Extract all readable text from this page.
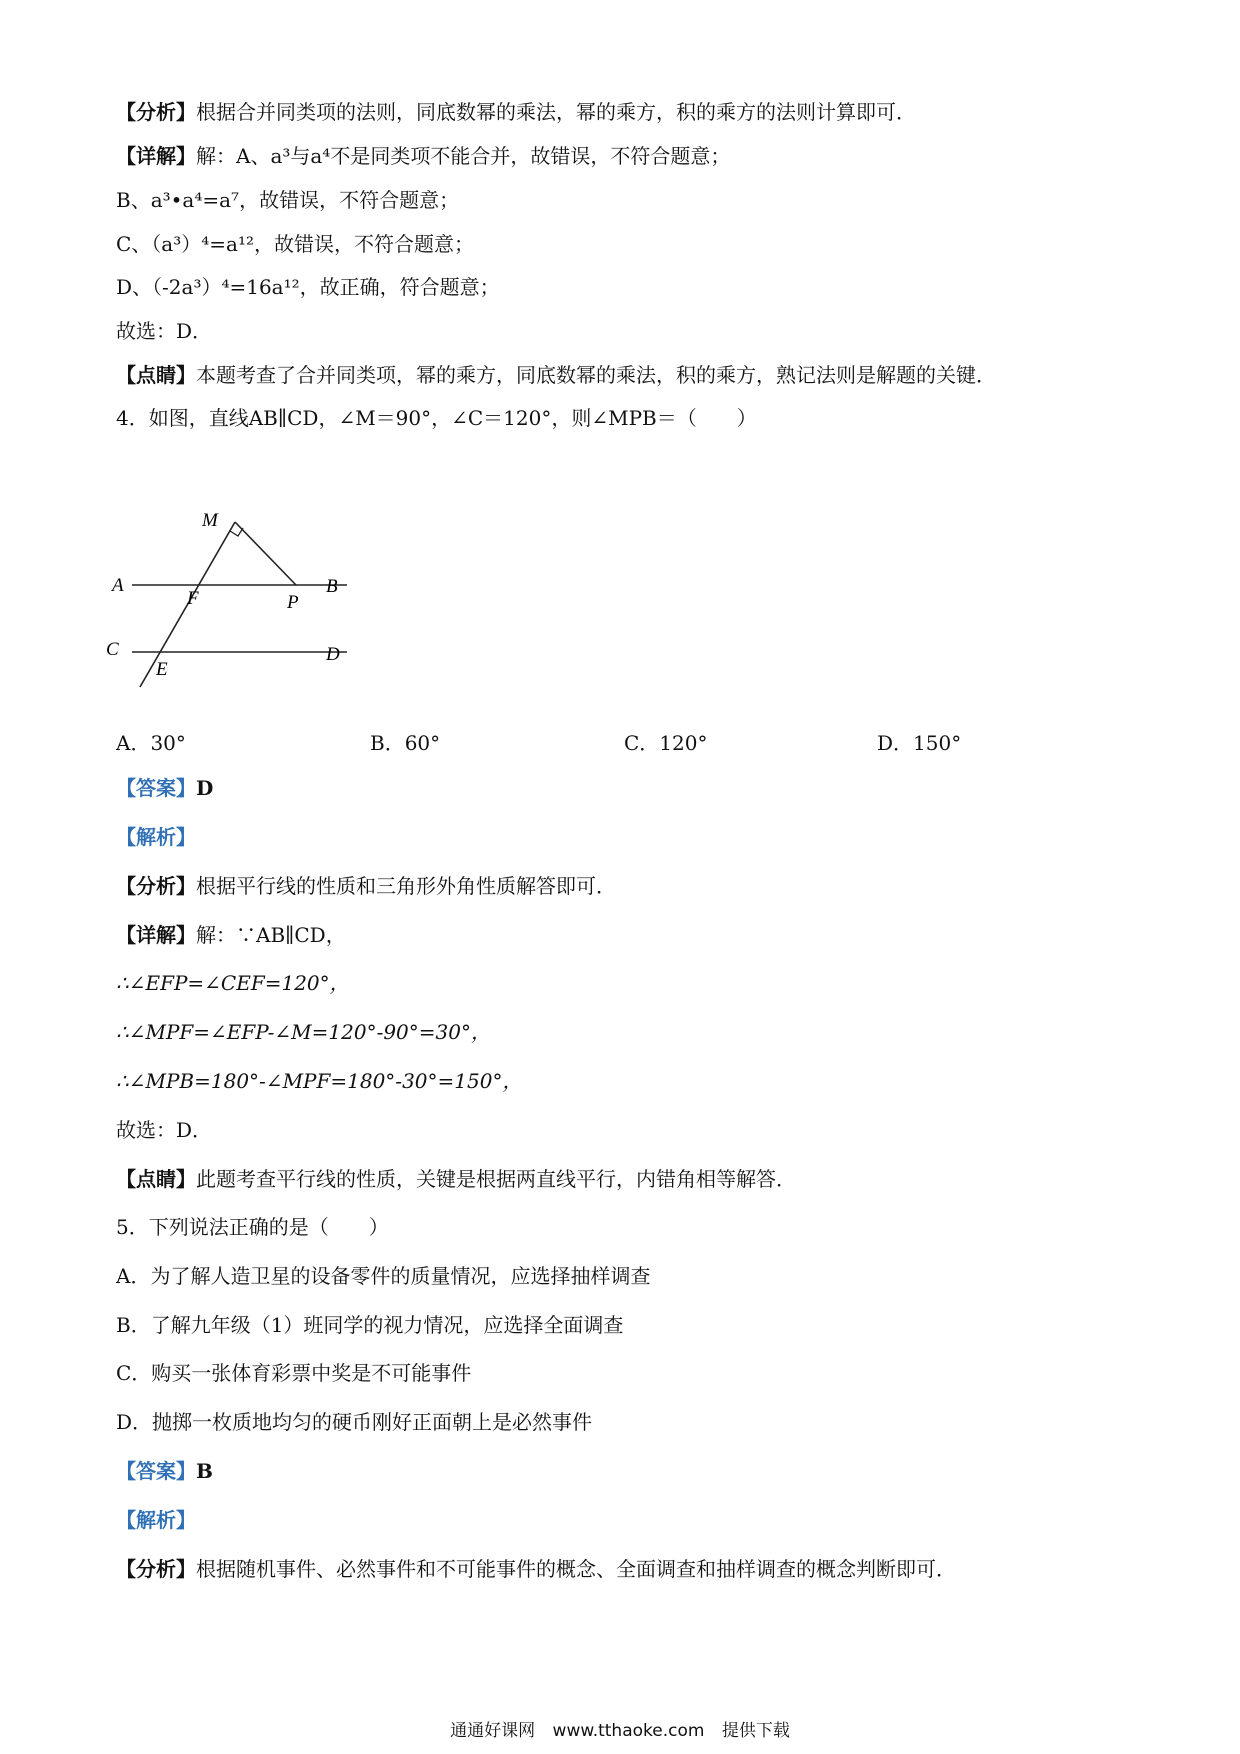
【分析】根据合并同类项的法则，同底数幂的乘法，幂的乘方，积的乘方的法则计算即可．
【详解】解：A、a³与a⁴不是同类项不能合并，故错误，不符合题意；
B、a³•a⁴=a⁷，故错误，不符合题意；
C、（a³）⁴=a¹²，故错误，不符合题意；
D、（-2a³）⁴=16a¹²，故正确，符合题意；
故选：D．
【点睛】本题考查了合并同类项，幂的乘方，同底数幂的乘法，积的乘方，熟记法则是解题的关键．
4．如图，直线AB∥CD，∠M＝90°，∠C＝120°，则∠MPB＝（　　）
M
A
F	P
B
C
E
D
A．30°	B．60°	C．120°	D．150°
【答案】D
【解析】
【分析】根据平行线的性质和三角形外角性质解答即可．
【详解】解：∵AB∥CD，
∴∠EFP=∠CEF=120°，
∴∠MPF=∠EFP-∠M=120°-90°=30°，
∴∠MPB=180°-∠MPF=180°-30°=150°，
故选：D．
【点睛】此题考查平行线的性质，关键是根据两直线平行，内错角相等解答．
5．下列说法正确的是（　　）
A．为了解人造卫星的设备零件的质量情况，应选择抽样调查
B．了解九年级（1）班同学的视力情况，应选择全面调查
C．购买一张体育彩票中奖是不可能事件
D．抛掷一枚质地均匀的硬币刚好正面朝上是必然事件
【答案】B
【解析】
【分析】根据随机事件、必然事件和不可能事件的概念、全面调查和抽样调查的概念判断即可．
通通好课网 www.tthaoke.com 提供下载
